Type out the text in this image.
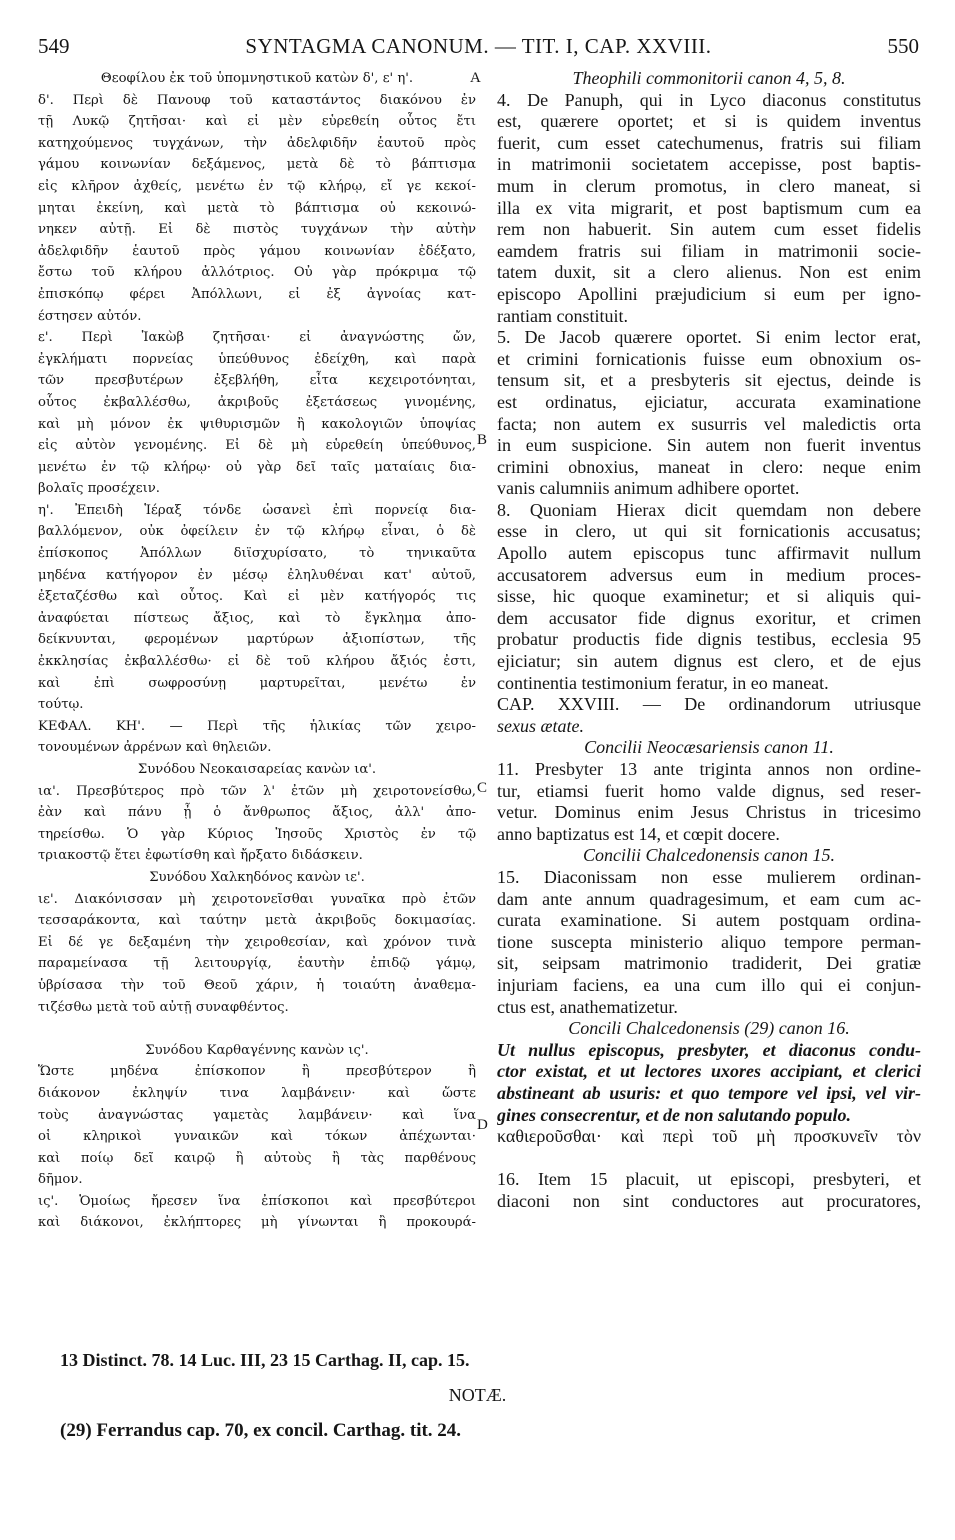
549	SYNTAGMA CANONUM. — TIT. I, CAP. XXVIII.	550
Θεοφίλου ἐκ τοῦ ὑπομνηστικοῦ κατὼν δ', ε' η'.
δ'. Περὶ δὲ Πανουφ τοῦ καταστάντος διακόνου ἐν
τῇ Λυκῷ ζητῆσαι· καὶ εἰ μὲν εὑρεθείη οὗτος ἔτι
κατηχούμενος τυγχάνων, τὴν ἀδελφιδῆν ἑαυτοῦ πρὸς
γάμου κοινωνίαν δεξάμενος, μετὰ δὲ τὸ βάπτισμα
εἰς κλῆρον ἀχθείς, μενέτω ἐν τῷ κλήρῳ, εἴ γε κεκοί-
μηται ἐκείνη, καὶ μετὰ τὸ βάπτισμα οὐ κεκοινώ-
νηκεν αὐτῇ. Εἰ δὲ πιστὸς τυγχάνων τὴν αὐτὴν
ἀδελφιδῆν ἑαυτοῦ πρὸς γάμου κοινωνίαν ἐδέξατο,
ἔστω τοῦ κλήρου ἀλλότριος. Οὐ γὰρ πρόκριμα τῷ
ἐπισκόπῳ φέρει Ἀπόλλωνι, εἰ ἐξ ἀγνοίας κατ-
έστησεν αὐτόν.
ε'. Περὶ Ἰακὼβ ζητῆσαι· εἰ ἀναγνώστης ὤν,
ἐγκλήματι πορνείας ὑπεύθυνος ἐδείχθη, καὶ παρὰ
τῶν πρεσβυτέρων ἐξεβλήθη, εἶτα κεχειροτόνηται,
οὗτος ἐκβαλλέσθω, ἀκριβοῦς ἐξετάσεως γινομένης,
καὶ μὴ μόνον ἐκ ψιθυρισμῶν ἢ κακολογιῶν ὑποψίας
εἰς αὐτὸν γενομένης. Εἰ δὲ μὴ εὑρεθείη ὑπεύθυνος,
μενέτω ἐν τῷ κλήρῳ· οὐ γὰρ δεῖ ταῖς ματαίαις δια-
βολαῖς προσέχειν.
η'. Ἐπειδὴ Ἱέραξ τόνδε ὡσανεὶ ἐπὶ πορνείᾳ δια-
βαλλόμενον, οὐκ ὀφείλειν ἐν τῷ κλήρῳ εἶναι, ὁ δὲ
ἐπίσκοπος Ἀπόλλων διϊσχυρίσατο, τὸ τηνικαῦτα
μηδένα κατήγορον ἐν μέσῳ ἐληλυθέναι κατ' αὐτοῦ,
ἐξεταζέσθω καὶ οὗτος. Καὶ εἰ μὲν κατήγορός τις
ἀναφύεται πίστεως ἄξιος, καὶ τὸ ἔγκλημα ἀπο-
δείκνυνται, φερομένων μαρτύρων ἀξιοπίστων, τῆς
ἐκκλησίας ἐκβαλλέσθω· εἰ δὲ τοῦ κλήρου ἄξιός ἐστι,
καὶ ἐπὶ σωφροσύνῃ μαρτυρεῖται, μενέτω ἐν
τούτῳ.
ΚΕΦΑΛ. ΚΗ'. — Περὶ τῆς ἡλικίας τῶν χειρο-
τονουμένων ἀρρένων καὶ θηλειῶν.
Συνόδου Νεοκαισαρείας κανὼν ια'.
ια'. Πρεσβύτερος πρὸ τῶν λ' ἐτῶν μὴ χειροτονείσθω,
ἐὰν καὶ πάνυ ᾖ ὁ ἄνθρωπος ἄξιος, ἀλλ' ἀπο-
τηρείσθω. Ὁ γὰρ Κύριος Ἰησοῦς Χριστὸς ἐν τῷ
τριακοστῷ ἔτει ἐφωτίσθη καὶ ἤρξατο διδάσκειν.
Συνόδου Χαλκηδόνος κανὼν ιε'.
ιε'. Διακόνισσαν μὴ χειροτονεῖσθαι γυναῖκα πρὸ ἐτῶν
τεσσαράκοντα, καὶ ταύτην μετὰ ἀκριβοῦς δοκιμασίας.
Εἰ δέ γε δεξαμένη τὴν χειροθεσίαν, καὶ χρόνον τινὰ
παραμείνασα τῇ λειτουργίᾳ, ἑαυτὴν ἐπιδῷ γάμῳ,
ὑβρίσασα τὴν τοῦ Θεοῦ χάριν, ἡ τοιαύτη ἀναθεμα-
τιζέσθω μετὰ τοῦ αὐτῇ συναφθέντος.
Συνόδου Καρθαγέννης κανὼν ις'.
Ὥστε μηδένα ἐπίσκοπον ἢ πρεσβύτερον ἢ
διάκονον ἐκληψίν τινα λαμβάνειν· καὶ ὥστε
τοὺς ἀναγνώστας γαμετὰς λαμβάνειν· καὶ ἵνα
οἱ κληρικοὶ γυναικῶν καὶ τόκων ἀπέχωνται·
καὶ ποίῳ δεῖ καιρῷ ἢ αὐτοὺς ἢ τὰς παρθένους
δῆμον.
ις'. Ὁμοίως ἤρεσεν ἵνα ἐπίσκοποι καὶ πρεσβύτεροι
καὶ διάκονοι, ἐκλήπτορες μὴ γίνωνται ἢ προκουρά-
Theophili commonitorii canon 4, 5, 8.
4. De Panuph, qui in Lyco diaconus constitutus
est, quærere oportet; et si is quidem inventus
fuerit, cum esset catechumenus, fratris sui filiam
in matrimonii societatem accepisse, post baptis-
mum in clerum promotus, in clero maneat, si
illa ex vita migrarit, et post baptismum cum ea
rem non habuerit. Sin autem cum esset fidelis
eamdem fratris sui filiam in matrimonii socie-
tatem duxit, sit a clero alienus. Non est enim
episcopo Apollini præjudicium si eum per igno-
rantiam constituit.
5. De Jacob quærere oportet. Si enim lector erat,
et crimini fornicationis fuisse eum obnoxium os-
tensum sit, et a presbyteris sit ejectus, deinde is
est ordinatus, ejiciatur, accurata examinatione
facta; non autem ex susurris vel maledictis orta
in eum suspicione. Sin autem non fuerit inventus
crimini obnoxius, maneat in clero: neque enim
vanis calumniis animum adhibere oportet.
8. Quoniam Hierax dicit quemdam non debere
esse in clero, ut qui sit fornicationis accusatus;
Apollo autem episcopus tunc affirmavit nullum
accusatorem adversus eum in medium proces-
sisse, hic quoque examinetur; et si aliquis qui-
dem accusator fide dignus exoritur, et crimen
probatur productis fide dignis testibus, ecclesia 95
ejiciatur; sin autem dignus est clero, et de ejus
continentia testimonium feratur, in eo maneat.
CAP. XXVIII. — De ordinandorum utriusque
sexus ætate.
Concilii Neocæsariensis canon 11.
11. Presbyter 13 ante triginta annos non ordine-
tur, etiamsi fuerit homo valde dignus, sed reser-
vetur. Dominus enim Jesus Christus in tricesimo
anno baptizatus est 14, et cœpit docere.
Concilii Chalcedonensis canon 15.
15. Diaconissam non esse mulierem ordinan-
dam ante annum quadragesimum, et eam cum ac-
curata examinatione. Si autem postquam ordina-
tione suscepta ministerio aliquo tempore perman-
sit, seipsam matrimonio tradiderit, Dei gratiæ
injuriam faciens, ea una cum illo qui ei conjun-
ctus est, anathematizetur.
Concili Chalcedonensis (29) canon 16.
Ut nullus episcopus, presbyter, et diaconus condu-
ctor existat, et ut lectores uxores accipiant, et clerici
abstineant ab usuris: et quo tempore vel ipsi, vel vir-
gines consecrentur, et de non salutando populo.
καθιεροῦσθαι· καὶ περὶ τοῦ μὴ προσκυνεῖν τὸν
16. Item 15 placuit, ut episcopi, presbyteri, et
diaconi non sint conductores aut procuratores,
A
B
C
D
13 Distinct. 78. 14 Luc. III, 23 15 Carthag. II, cap. 15.
NOTÆ.
(29) Ferrandus cap. 70, ex concil. Carthag. tit. 24.
